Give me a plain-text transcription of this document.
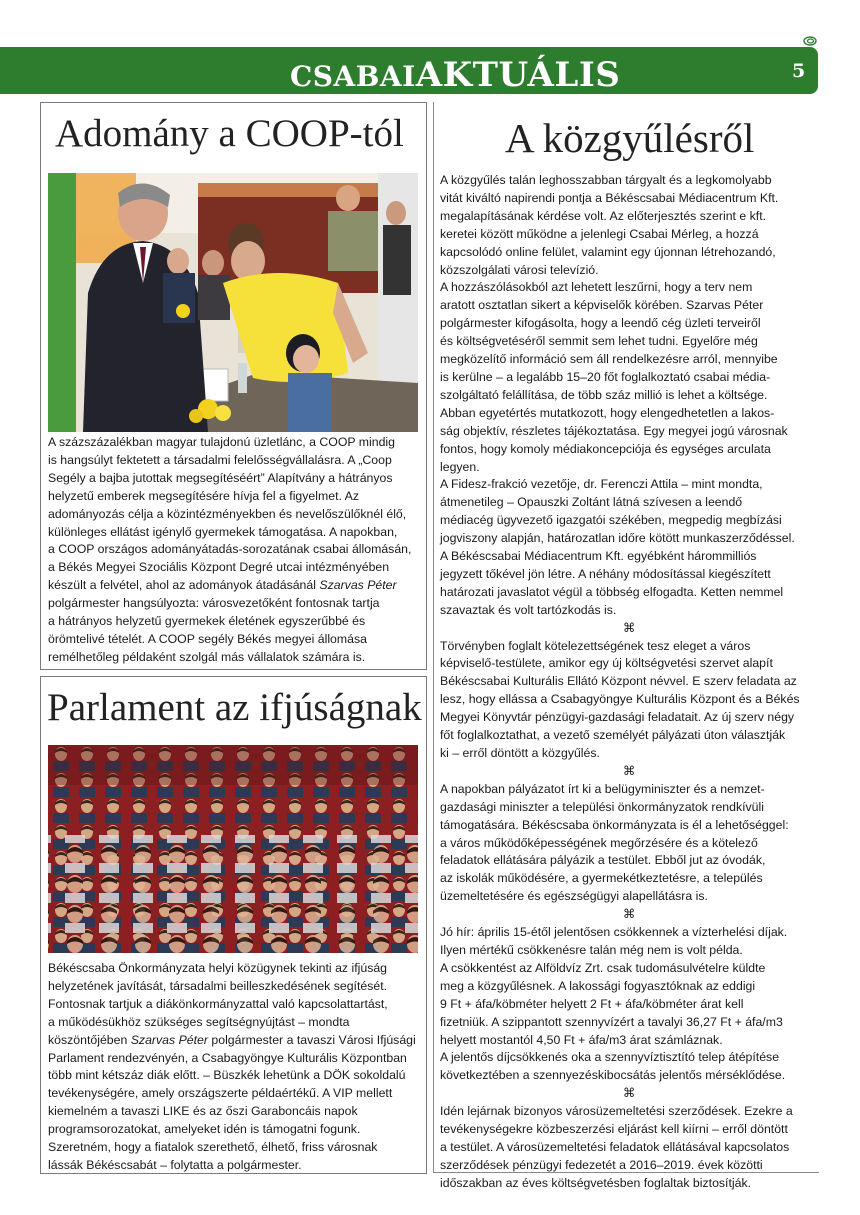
CSABAIAKTUÁLIS	5
Adomány a COOP-tól
A százszázalékban magyar tulajdonú üzletlánc, a COOP mindig
is hangsúlyt fektetett a társadalmi felelősségvállalásra. A „Coop
Segély a bajba jutottak megsegítéséért” Alapítvány a hátrányos
helyzetű emberek megsegítésére hívja fel a figyelmet. Az
adományozás célja a közintézményekben és nevelőszülőknél élő,
különleges ellátást igénylő gyermekek támogatása. A napokban,
a COOP országos adományátadás-sorozatának csabai állomásán,
a Békés Megyei Szociális Központ Degré utcai intézményében
készült a felvétel, ahol az adományok átadásánál Szarvas Péter
polgármester hangsúlyozta: városvezetőként fontosnak tartja
a hátrányos helyzetű gyermekek életének egyszerűbbé és
örömtelivé tételét. A COOP segély Békés megyei állomása
remélhetőleg példaként szolgál más vállalatok számára is.
Parlament az ifjúságnak
Békéscsaba Önkormányzata helyi közügynek tekinti az ifjúság
helyzetének javítását, társadalmi beilleszkedésének segítését.
Fontosnak tartjuk a diákönkormányzattal való kapcsolattartást,
a működésükhöz szükséges segítségnyújtást – mondta
köszöntőjében Szarvas Péter polgármester a tavaszi Városi Ifjúsági
Parlament rendezvényén, a Csabagyöngye Kulturális Központban
több mint kétszáz diák előtt. – Büszkék lehetünk a DÖK sokoldalú
tevékenységére, amely országszerte példaértékű. A VIP mellett
kiemelném a tavaszi LIKE és az őszi Garaboncáis napok
programsorozatokat, amelyeket idén is támogatni fogunk.
Szeretném, hogy a fiatalok szerethető, élhető, friss városnak
lássák Békéscsabát – folytatta a polgármester.
A közgyűlésről
A közgyűlés talán leghosszabban tárgyalt és a legkomolyabb
vitát kiváltó napirendi pontja a Békéscsabai Médiacentrum Kft.
megalapításának kérdése volt. Az előterjesztés szerint e kft.
keretei között működne a jelenlegi Csabai Mérleg, a hozzá
kapcsolódó online felület, valamint egy újonnan létrehozandó,
közszolgálati városi televízió.
A hozzászólásokból azt lehetett leszűrni, hogy a terv nem
aratott osztatlan sikert a képviselők körében. Szarvas Péter
polgármester kifogásolta, hogy a leendő cég üzleti terveiről
és költségvetéséről semmit sem lehet tudni. Egyelőre még
megközelítő információ sem áll rendelkezésre arról, mennyibe
is kerülne – a legalább 15–20 főt foglalkoztató csabai média-
szolgáltató felállítása, de több száz millió is lehet a költsége.
Abban egyetértés mutatkozott, hogy elengedhetetlen a lakos-
ság objektív, részletes tájékoztatása. Egy megyei jogú városnak
fontos, hogy komoly médiakoncepciója és egységes arculata
legyen.
A Fidesz-frakció vezetője, dr. Ferenczi Attila – mint mondta,
átmenetileg – Opauszki Zoltánt látná szívesen a leendő
médiacég ügyvezető igazgatói székében, megpedig megbízási
jogviszony alapján, határozatlan időre kötött munkaszerződéssel.
A Békéscsabai Médiacentrum Kft. egyébként hárommilliós
jegyzett tőkével jön létre. A néhány módosítással kiegészített
határozati javaslatot végül a többség elfogadta. Ketten nemmel
szavaztak és volt tartózkodás is.
⌘
Törvényben foglalt kötelezettségének tesz eleget a város
képviselő-testülete, amikor egy új költségvetési szervet alapít
Békéscsabai Kulturális Ellátó Központ névvel. E szerv feladata az
lesz, hogy ellássa a Csabagyöngye Kulturális Központ és a Békés
Megyei Könyvtár pénzügyi-gazdasági feladatait. Az új szerv négy
főt foglalkoztathat, a vezető személyét pályázati úton választják
ki – erről döntött a közgyűlés.
⌘
A napokban pályázatot írt ki a belügyminiszter és a nemzet-
gazdasági miniszter a települési önkormányzatok rendkívüli
támogatására. Békéscsaba önkormányzata is él a lehetőséggel:
a város működőképességének megőrzésére és a kötelező
feladatok ellátására pályázik a testület. Ebből jut az óvodák,
az iskolák működésére, a gyermekétkeztetésre, a település
üzemeltetésére és egészségügyi alapellátásra is.
⌘
Jó hír: április 15-étől jelentősen csökkennek a vízterhelési díjak.
Ilyen mértékű csökkenésre talán még nem is volt példa.
A csökkentést az Alföldvíz Zrt. csak tudomásulvételre küldte
meg a közgyűlésnek. A lakossági fogyasztóknak az eddigi
9 Ft + áfa/köbméter helyett 2 Ft + áfa/köbméter árat kell
fizetniük. A szippantott szennyvízért a tavalyi 36,27 Ft + áfa/m3
helyett mostantól 4,50 Ft + áfa/m3 árat számláznak.
A jelentős díjcsökkenés oka a szennyvíztisztító telep átépítése
következtében a szennyezéskibocsátás jelentős mérséklődése.
⌘
Idén lejárnak bizonyos városüzemeltetési szerződések. Ezekre a
tevékenységekre közbeszerzési eljárást kell kiírni – erről döntött
a testület. A városüzemeltetési feladatok ellátásával kapcsolatos
szerződések pénzügyi fedezetét a 2016–2019. évek közötti
időszakban az éves költségvetésben foglaltak biztosítják.
